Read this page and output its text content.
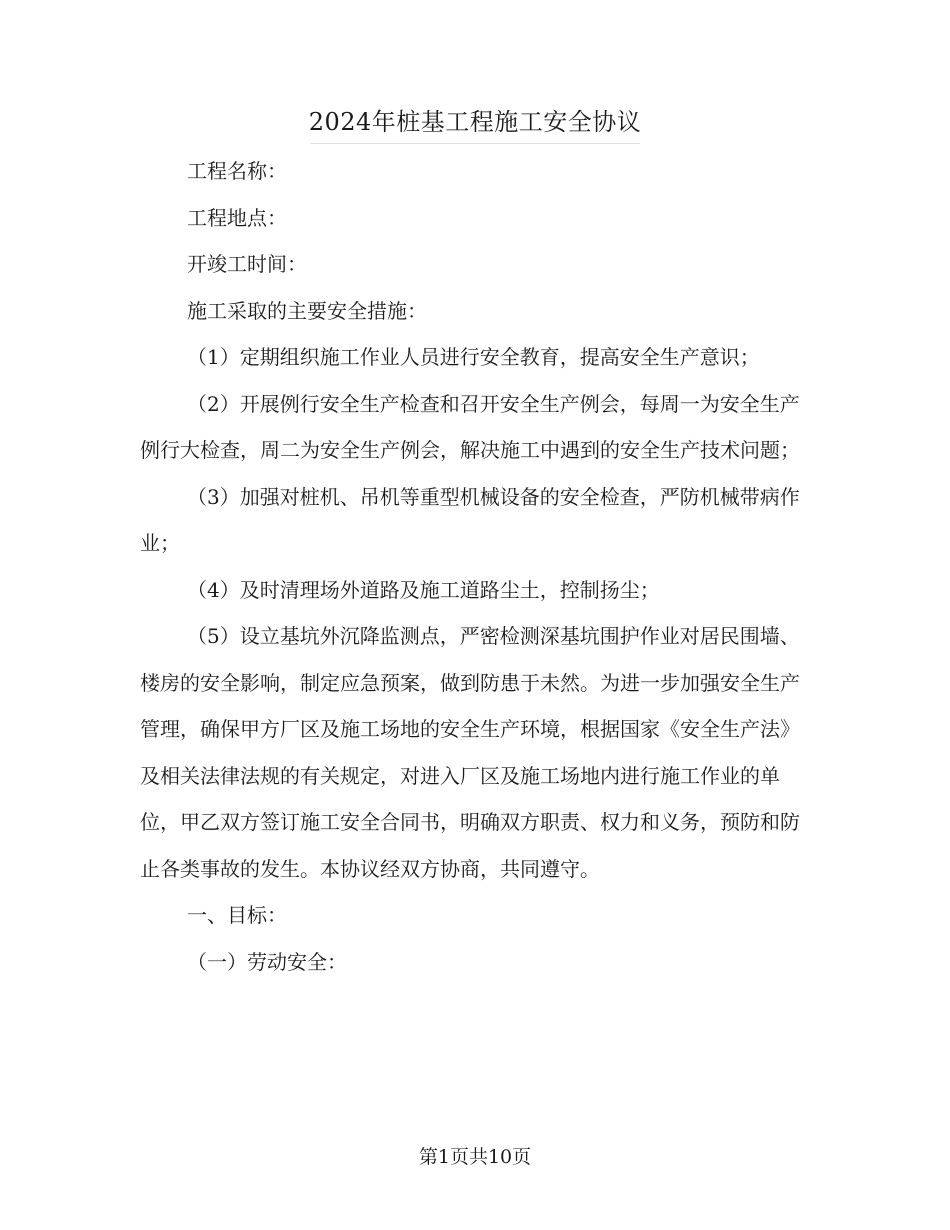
2024年桩基工程施工安全协议

工程名称：

工程地点：

开竣工时间：

施工采取的主要安全措施：

（1）定期组织施工作业人员进行安全教育，提高安全生产意识；

（2）开展例行安全生产检查和召开安全生产例会，每周一为安全生产例行大检查，周二为安全生产例会，解决施工中遇到的安全生产技术问题；

（3）加强对桩机、吊机等重型机械设备的安全检查，严防机械带病作业；

（4）及时清理场外道路及施工道路尘土，控制扬尘；

（5）设立基坑外沉降监测点，严密检测深基坑围护作业对居民围墙、楼房的安全影响，制定应急预案，做到防患于未然。为进一步加强安全生产管理，确保甲方厂区及施工场地的安全生产环境，根据国家《安全生产法》及相关法律法规的有关规定，对进入厂区及施工场地内进行施工作业的单位，甲乙双方签订施工安全合同书，明确双方职责、权力和义务，预防和防止各类事故的发生。本协议经双方协商，共同遵守。

一、目标：

（一）劳动安全：

第1页共10页
